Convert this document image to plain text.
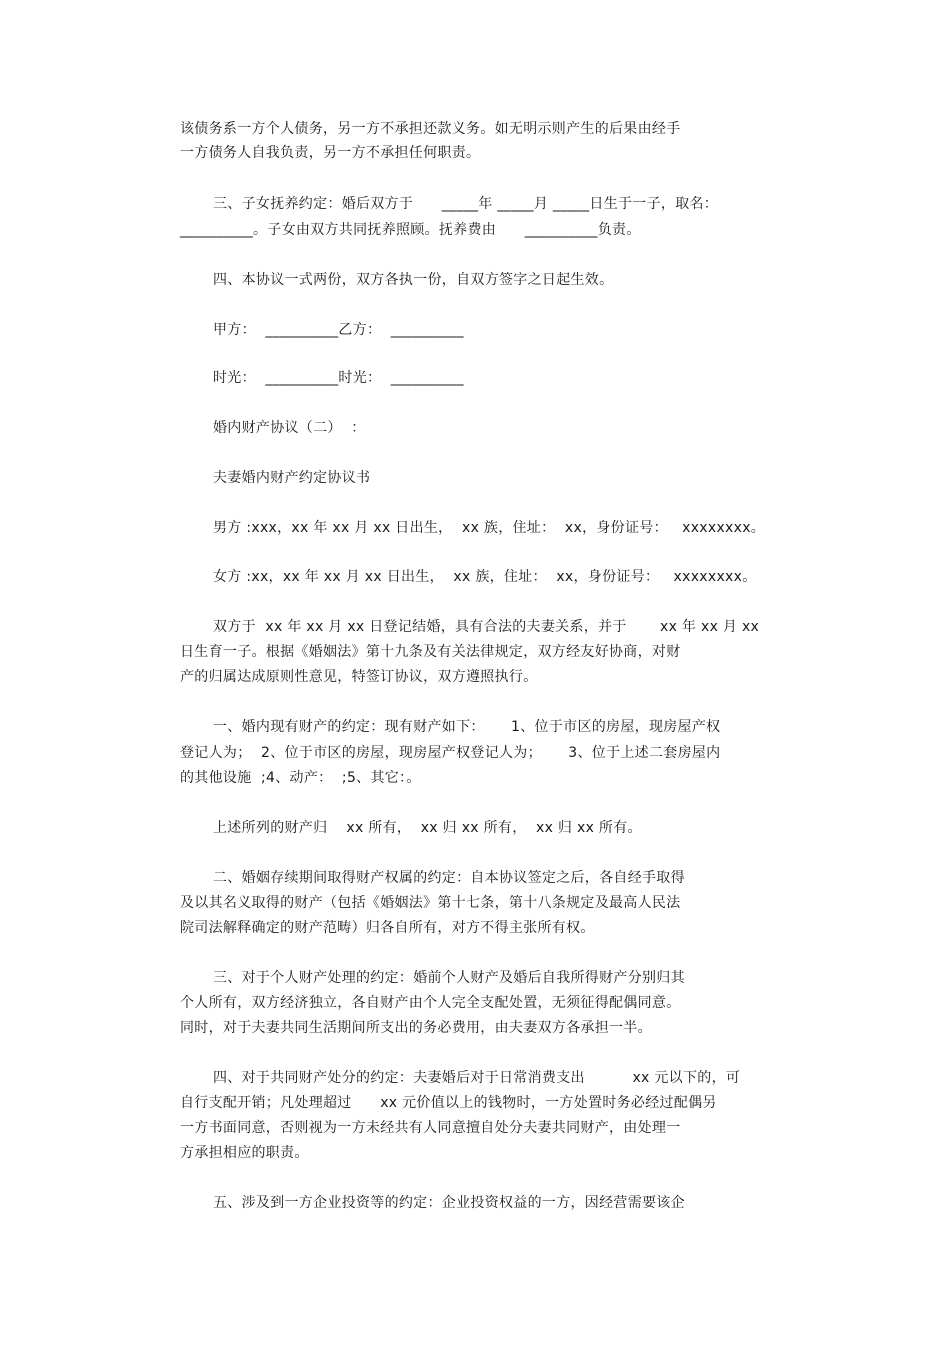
该债务系一方个人债务，另一方不承担还款义务。如无明示则产生的后果由经手
一方债务人自我负责，另一方不承担任何职责。
三、子女抚养约定：婚后双方于　　_____年 _____月 _____日生于一子，取名：
__________。子女由双方共同抚养照顾。抚养费由　　__________负责。
四、本协议一式两份，双方各执一份，自双方签字之日起生效。
甲方：  __________乙方：  __________
时光：  __________时光：  __________
婚内财产协议（二）  ：
夫妻婚内财产约定协议书
男方 :xxx，xx 年 xx 月 xx 日出生，  xx 族，住址：  xx，身份证号：   xxxxxxxx。
女方 :xx，xx 年 xx 月 xx 日出生，  xx 族，住址：  xx，身份证号：   xxxxxxxx。
双方于  xx 年 xx 月 xx 日登记结婚，具有合法的夫妻关系，并于　　 xx 年 xx 月 xx
日生育一子。根据《婚姻法》第十九条及有关法律规定，双方经友好协商，对财
产的归属达成原则性意见，特签订协议，双方遵照执行。
一、婚内现有财产的约定：现有财产如下：　　 1、位于市区的房屋，现房屋产权
登记人为；  2、位于市区的房屋，现房屋产权登记人为；　　 3、位于上述二套房屋内
的其他设施  ;4、动产：  ;5、其它：。
上述所列的财产归    xx 所有，  xx 归 xx 所有，  xx 归 xx 所有。
二、婚姻存续期间取得财产权属的约定：自本协议签定之后，各自经手取得
及以其名义取得的财产（包括《婚姻法》第十七条，第十八条规定及最高人民法
院司法解释确定的财产范畴）归各自所有，对方不得主张所有权。
三、对于个人财产处理的约定：婚前个人财产及婚后自我所得财产分别归其
个人所有，双方经济独立，各自财产由个人完全支配处置，无须征得配偶同意。
同时，对于夫妻共同生活期间所支出的务必费用，由夫妻双方各承担一半。
四、对于共同财产处分的约定：夫妻婚后对于日常消费支出　　　 xx 元以下的，可
自行支配开销；凡处理超过　　xx 元价值以上的钱物时，一方处置时务必经过配偶另
一方书面同意，否则视为一方未经共有人同意擅自处分夫妻共同财产，由处理一
方承担相应的职责。
五、涉及到一方企业投资等的约定：企业投资权益的一方，因经营需要该企
